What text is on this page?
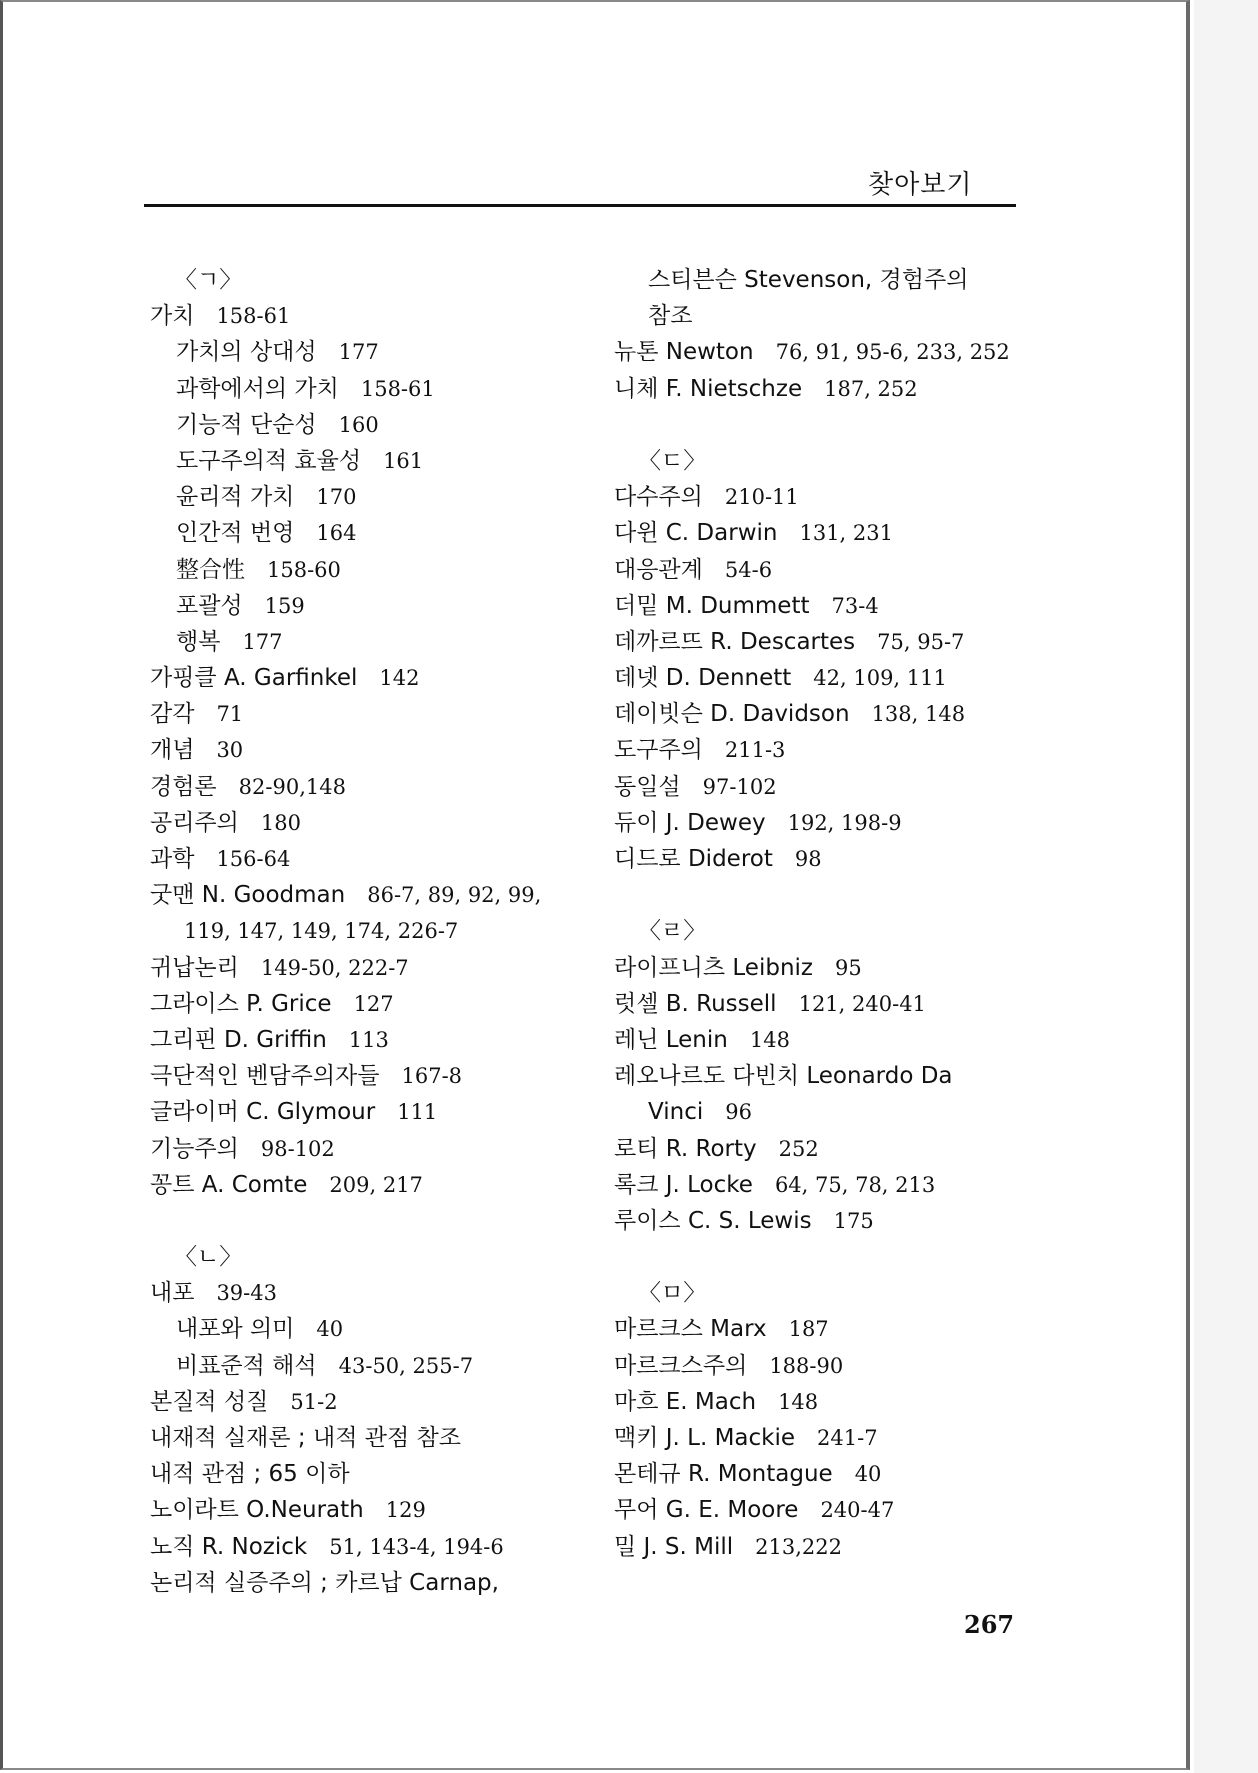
찾아보기
〈ㄱ〉
가치 158-61
가치의 상대성 177
과학에서의 가치 158-61
기능적 단순성 160
도구주의적 효율성 161
윤리적 가치 170
인간적 번영 164
整合性 158-60
포괄성 159
행복 177
가핑클 A. Garfinkel 142
감각 71
개념 30
경험론 82-90,148
공리주의 180
과학 156-64
굿맨 N. Goodman 86-7, 89, 92, 99,
119, 147, 149, 174, 226-7
귀납논리 149-50, 222-7
그라이스 P. Grice 127
그리핀 D. Griffin 113
극단적인 벤담주의자들 167-8
글라이머 C. Glymour 111
기능주의 98-102
꽁트 A. Comte 209, 217
〈ㄴ〉
내포 39-43
내포와 의미 40
비표준적 해석 43-50, 255-7
본질적 성질 51-2
내재적 실재론 ; 내적 관점 참조
내적 관점 ; 65 이하
노이라트 O.Neurath 129
노직 R. Nozick 51, 143-4, 194-6
논리적 실증주의 ; 카르납 Carnap,
스티븐슨 Stevenson, 경험주의
참조
뉴톤 Newton 76, 91, 95-6, 233, 252
니체 F. Nietschze 187, 252
〈ㄷ〉
다수주의 210-11
다윈 C. Darwin 131, 231
대응관계 54-6
더밑 M. Dummett 73-4
데까르뜨 R. Descartes 75, 95-7
데넷 D. Dennett 42, 109, 111
데이빗슨 D. Davidson 138, 148
도구주의 211-3
동일설 97-102
듀이 J. Dewey 192, 198-9
디드로 Diderot 98
〈ㄹ〉
라이프니츠 Leibniz 95
럿셀 B. Russell 121, 240-41
레닌 Lenin 148
레오나르도 다빈치 Leonardo Da
Vinci 96
로티 R. Rorty 252
록크 J. Locke 64, 75, 78, 213
루이스 C. S. Lewis 175
〈ㅁ〉
마르크스 Marx 187
마르크스주의 188-90
마흐 E. Mach 148
맥키 J. L. Mackie 241-7
몬테규 R. Montague 40
무어 G. E. Moore 240-47
밀 J. S. Mill 213,222
267
